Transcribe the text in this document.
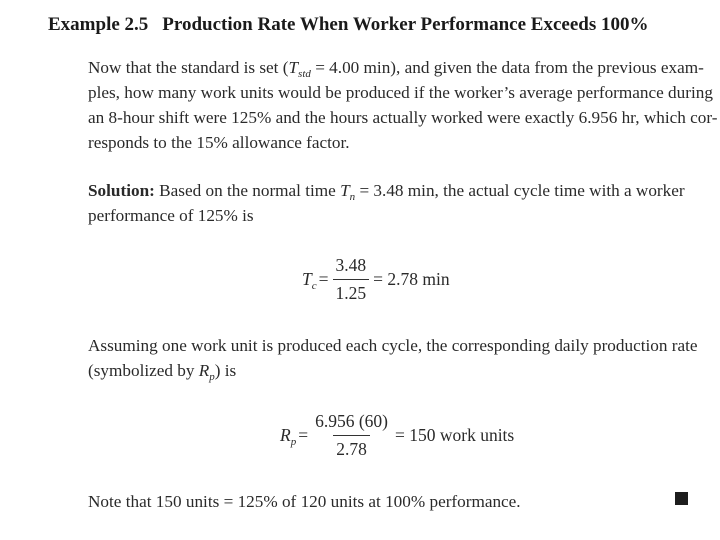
Example 2.5 Production Rate When Worker Performance Exceeds 100%
Now that the standard is set ($T_{std} = 4.00$ min), and given the data from the previous exam-
ples, how many work units would be produced if the worker’s average performance during
an 8-hour shift were 125% and the hours actually worked were exactly 6.956 hr, which cor-
responds to the 15% allowance factor.
Solution: Based on the normal time $T_n = 3.48$ min, the actual cycle time with a worker
performance of 125% is
$T_c = \frac{3.48}{1.25} = 2.78$ min
Assuming one work unit is produced each cycle, the corresponding daily production rate
(symbolized by $R_p$) is
$R_p = \frac{6.956 (60)}{2.78} = 150$ work units
Note that 150 units = 125% of 120 units at 100% performance.
